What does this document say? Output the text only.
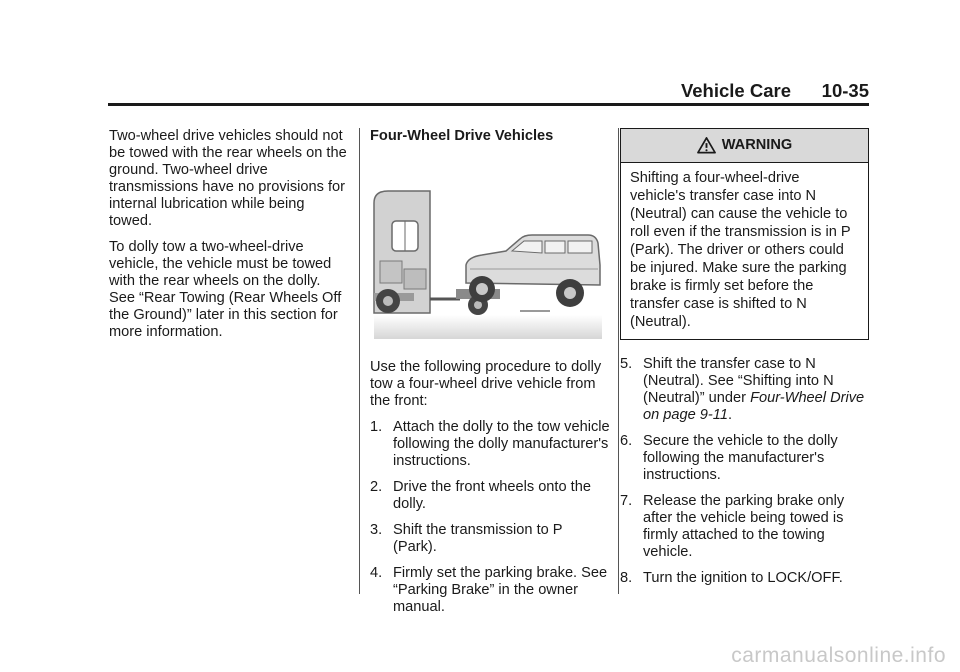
Vehicle Care 10-35

Two-wheel drive vehicles should not be towed with the rear wheels on the ground. Two-wheel drive transmissions have no provisions for internal lubrication while being towed.

To dolly tow a two-wheel-drive vehicle, the vehicle must be towed with the rear wheels on the dolly. See “Rear Towing (Rear Wheels Off the Ground)” later in this section for more information.

Four-Wheel Drive Vehicles

Use the following procedure to dolly tow a four-wheel drive vehicle from the front:

1. Attach the dolly to the tow vehicle following the dolly manufacturer's instructions.
2. Drive the front wheels onto the dolly.
3. Shift the transmission to P (Park).
4. Firmly set the parking brake. See “Parking Brake” in the owner manual.
WARNING
Shifting a four-wheel-drive vehicle's transfer case into N (Neutral) can cause the vehicle to roll even if the transmission is in P (Park). The driver or others could be injured. Make sure the parking brake is firmly set before the transfer case is shifted to N (Neutral).
5. Shift the transfer case to N (Neutral). See “Shifting into N (Neutral)” under Four-Wheel Drive on page 9-11.
6. Secure the vehicle to the dolly following the manufacturer's instructions.
7. Release the parking brake only after the vehicle being towed is firmly attached to the towing vehicle.
8. Turn the ignition to LOCK/OFF.
carmanualsonline.info
